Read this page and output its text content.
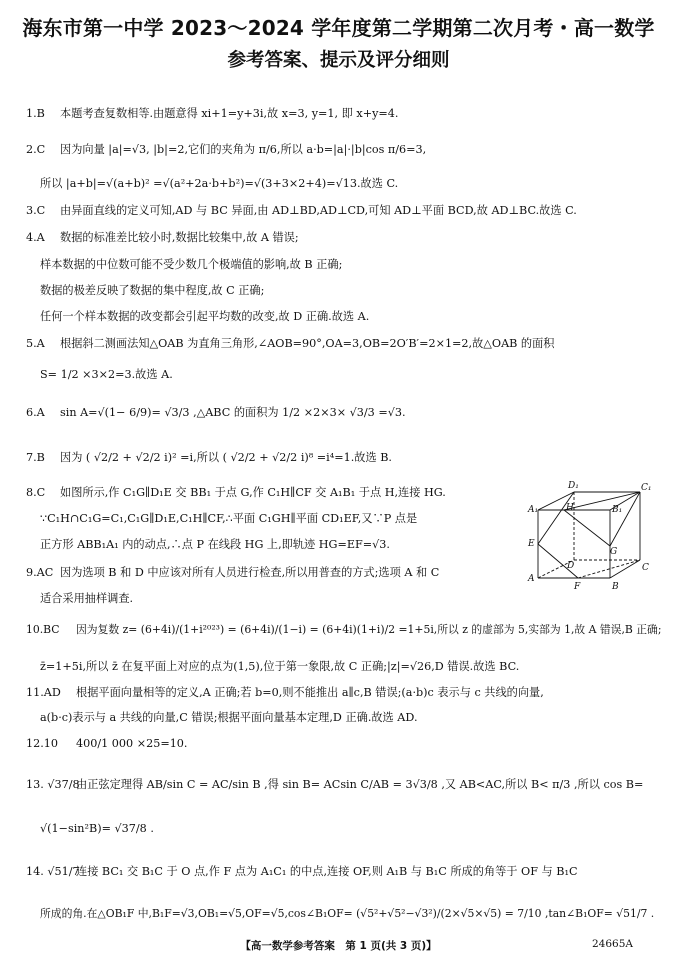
海东市第一中学 2023～2024 学年度第二学期第二次月考・高一数学
参考答案、提示及评分细则
1.B 本题考查复数相等.由题意得 xi+1=y+3i,故 x=3, y=1, 即 x+y=4.
2.C 因为向量 |a|=√3, |b|=2,它们的夹角为 π/6,所以 a·b=|a|·|b|cos π/6=3,
所以 |a+b|=√(a+b)² =√(a²+2a·b+b²)=√(3+3×2+4)=√13.故选 C.
3.C 由异面直线的定义可知,AD 与 BC 异面,由 AD⊥BD,AD⊥CD,可知 AD⊥平面 BCD,故 AD⊥BC.故选 C.
4.A 数据的标准差比较小时,数据比较集中,故 A 错误;
样本数据的中位数可能不受少数几个极端值的影响,故 B 正确;
数据的极差反映了数据的集中程度,故 C 正确;
任何一个样本数据的改变都会引起平均数的改变,故 D 正确.故选 A.
5.A 根据斜二测画法知△OAB 为直角三角形,∠AOB=90°,OA=3,OB=2O′B′=2×1=2,故△OAB 的面积
S= 1/2 ×3×2=3.故选 A.
6.A sin A=√(1− 6/9)= √3/3 ,△ABC 的面积为 1/2 ×2×3× √3/3 =√3.
7.B 因为 ( √2/2 + √2/2 i)² =i,所以 ( √2/2 + √2/2 i)⁸ =i⁴=1.故选 B.
8.C 如图所示,作 C₁G∥D₁E 交 BB₁ 于点 G,作 C₁H∥CF 交 A₁B₁ 于点 H,连接 HG.
∵C₁H∩C₁G=C₁,C₁G∥D₁E,C₁H∥CF,∴平面 C₁GH∥平面 CD₁EF,又∵P 点是
正方形 ABB₁A₁ 内的动点,∴点 P 在线段 HG 上,即轨迹 HG=EF=√3.
9.AC 因为选项 B 和 D 中应该对所有人员进行检查,所以用普查的方式;选项 A 和 C
适合采用抽样调查.
10.BC 因为复数 z= (6+4i)/(1+i²⁰²³) = (6+4i)/(1−i) = (6+4i)(1+i)/2 =1+5i,所以 z 的虚部为 5,实部为 1,故 A 错误,B 正确;
z̄=1+5i,所以 z̄ 在复平面上对应的点为(1,5),位于第一象限,故 C 正确;|z|=√26,D 错误.故选 BC.
11.AD 根据平面向量相等的定义,A 正确;若 b=0,则不能推出 a∥c,B 错误;(a·b)c 表示与 c 共线的向量,
a(b·c)表示与 a 共线的向量,C 错误;根据平面向量基本定理,D 正确.故选 AD.
12.10 400/1 000 ×25=10.
13. √37/8由正弦定理得 AB/sin C = AC/sin B ,得 sin B= ACsin C/AB = 3√3/8 ,又 AB<AC,所以 B< π/3 ,所以 cos B=
√(1−sin²B)= √37/8 .
14. √51/7连接 BC₁ 交 B₁C 于 O 点,作 F 点为 A₁C₁ 的中点,连接 OF,则 A₁B 与 B₁C 所成的角等于 OF 与 B₁C
所成的角.在△OB₁F 中,B₁F=√3,OB₁=√5,OF=√5,cos∠B₁OF= (√5²+√5²−√3²)/(2×√5×√5) = 7/10 ,tan∠B₁OF= √51/7 .
D₁	C₁
A₁	H	B₁
E
G
D	C
A
F	B
【高一数学参考答案　第 1 页(共 3 页)】	24665A
